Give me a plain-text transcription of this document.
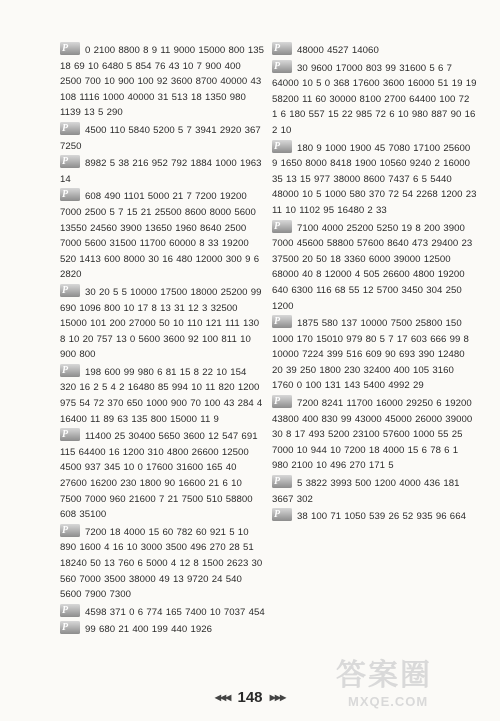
P 0 2100 8800 8 9 11 9000 15000 800 135 18 69 10 6480 5 854 76 43 10 7 900 400 2500 700 10 900 100 92 3600 8700 40000 43 108 1116 1000 40000 31 513 18 1350 980 1139 13 5 290
P 4500 110 5840 5200 5 7 3941 2920 367 7250
P 8982 5 38 216 952 792 1884 1000 1963 14
P 608 490 1101 5000 21 7 7200 19200 7000 2500 5 7 15 21 25500 8600 8000 5600 13550 24560 3900 13650 1960 8640 2500 7000 5600 31500 11700 60000 8 33 19200 520 1413 600 8000 30 16 480 12000 300 9 6 2820
P 30 20 5 5 10000 17500 18000 25200 99 690 1096 800 10 17 8 13 31 12 3 32500 15000 101 200 27000 50 10 110 121 111 130 8 10 20 757 13 0 5600 3600 92 100 811 10 900 800
P 198 600 99 980 6 81 15 8 22 10 154 320 16 2 5 4 2 16480 85 994 10 11 820 1200 975 54 72 370 650 1000 900 70 100 43 284 4 16400 11 89 63 135 800 15000 11 9
P 11400 25 30400 5650 3600 12 547 691 115 64400 16 1200 310 4800 26600 12500 4500 937 345 10 0 17600 31600 165 40 27600 16200 230 1800 90 16600 21 6 10 7500 7000 960 21600 7 21 7500 510 58800 608 35100
P 7200 18 4000 15 60 782 60 921 5 10 890 1600 4 16 10 3000 3500 496 270 28 51 18240 50 13 760 6 5000 4 12 8 1500 2623 30 560 7000 3500 38000 49 13 9720 24 540 5600 7900 7300
P 4598 371 0 6 774 165 7400 10 7037 454
P 99 680 21 400 199 440 1926
P 48000 4527 14060
P 30 9600 17000 803 99 31600 5 6 7 64000 10 5 0 368 17600 3600 16000 51 19 19 58200 11 60 30000 8100 2700 64400 100 72 1 6 180 557 15 22 985 72 6 10 980 887 90 16 2 10
P 180 9 1000 1900 45 7080 17100 25600 9 1650 8000 8418 1900 10560 9240 2 16000 35 13 15 977 38000 8600 7437 6 5 5440 48000 10 5 1000 580 370 72 54 2268 1200 23 11 10 1102 95 16480 2 33
P 7100 4000 25200 5250 19 8 200 3900 7000 45600 58800 57600 8640 473 29400 23 37500 20 50 18 3360 6000 39000 12500 68000 40 8 12000 4 505 26600 4800 19200 640 6300 116 68 55 12 5700 3450 304 250 1200
P 1875 580 137 10000 7500 25800 150 1000 170 15010 979 80 5 7 17 603 666 99 8 10000 7224 399 516 609 90 693 390 12480 20 39 250 1800 230 32400 400 105 3160 1760 0 100 131 143 5400 4992 29
P 7200 8241 11700 16000 29250 6 19200 43800 400 830 99 43000 45000 26000 39000 30 8 17 493 5200 23100 57600 1000 55 25 7000 10 944 10 7200 18 4000 15 6 78 6 1 980 2100 10 496 270 171 5
P 5 3822 3993 500 1200 4000 436 181 3667 302
P 38 100 71 1050 539 26 52 935 96 664
◀◀◀ 148 ▶▶▶
答案圈
MXQE.COM
